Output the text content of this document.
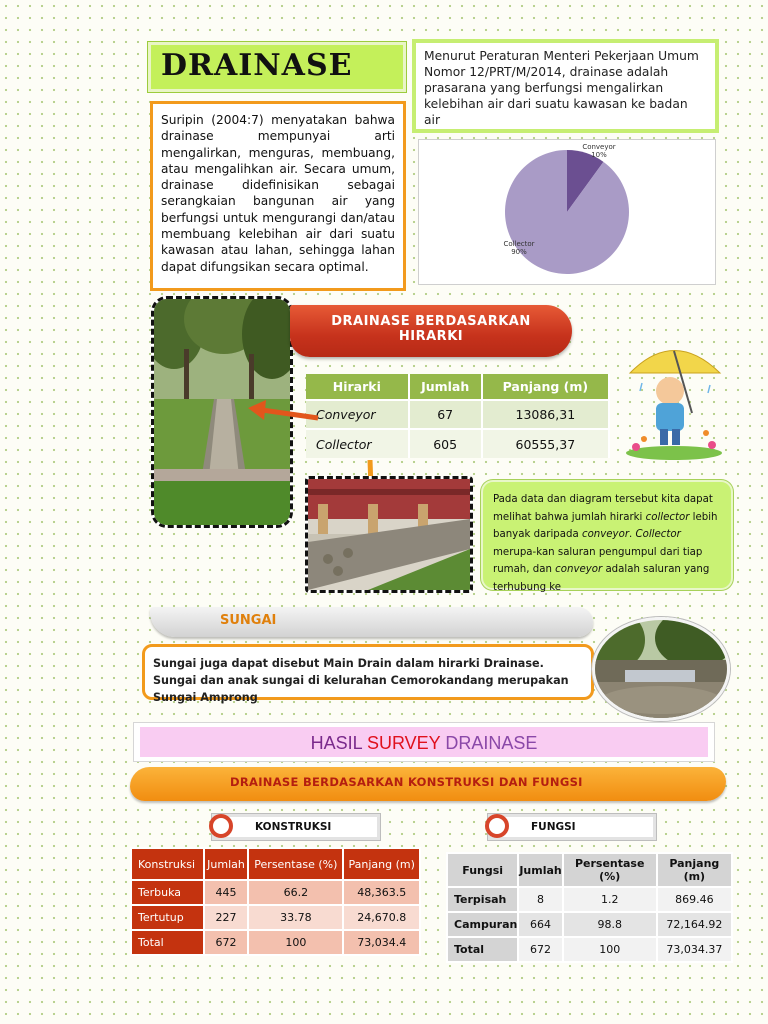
DRAINASE	Menurut Peraturan Menteri Pekerjaan Umum Nomor 12/PRT/M/2014, drainase adalah prasarana yang berfungsi mengalirkan kelebihan air dari suatu kawasan ke badan air
Suripin (2004:7) menyatakan bahwa drainase mempunyai arti mengalirkan, menguras, membuang, atau mengalihkan air. Secara umum, drainase didefinisikan sebagai serangkaian bangunan air yang berfungsi untuk mengurangi dan/atau membuang kelebihan air dari suatu kawasan atau lahan, sehingga lahan dapat difungsikan secara optimal.
Conveyor 10%
Collector 90%
DRAINASE BERDASARKAN
HIRARKI
Hirarki	Jumlah	Panjang (m)
Conveyor	67	13086,31
Collector	605	60555,37
Pada data dan diagram tersebut kita dapat melihat bahwa jumlah hirarki collector lebih banyak daripada conveyor. Collector merupa-kan saluran pengumpul dari tiap rumah, dan conveyor adalah saluran yang terhubung ke
SUNGAI
Sungai juga dapat disebut Main Drain dalam hirarki Drainase. Sungai dan anak sungai di kelurahan Cemorokandang merupakan Sungai Amprong
HASIL SURVEY DRAINASE
DRAINASE BERDASARKAN KONSTRUKSI DAN FUNGSI
KONSTRUKSI	FUNGSI
Konstruksi	Jumlah	Persentase (%)	Panjang (m)
Terbuka	445	66.2	48,363.5
Tertutup	227	33.78	24,670.8
Total	672	100	73,034.4
Fungsi	Jumlah	Persentase (%)	Panjang (m)
Terpisah	8	1.2	869.46
Campuran	664	98.8	72,164.92
Total	672	100	73,034.37
